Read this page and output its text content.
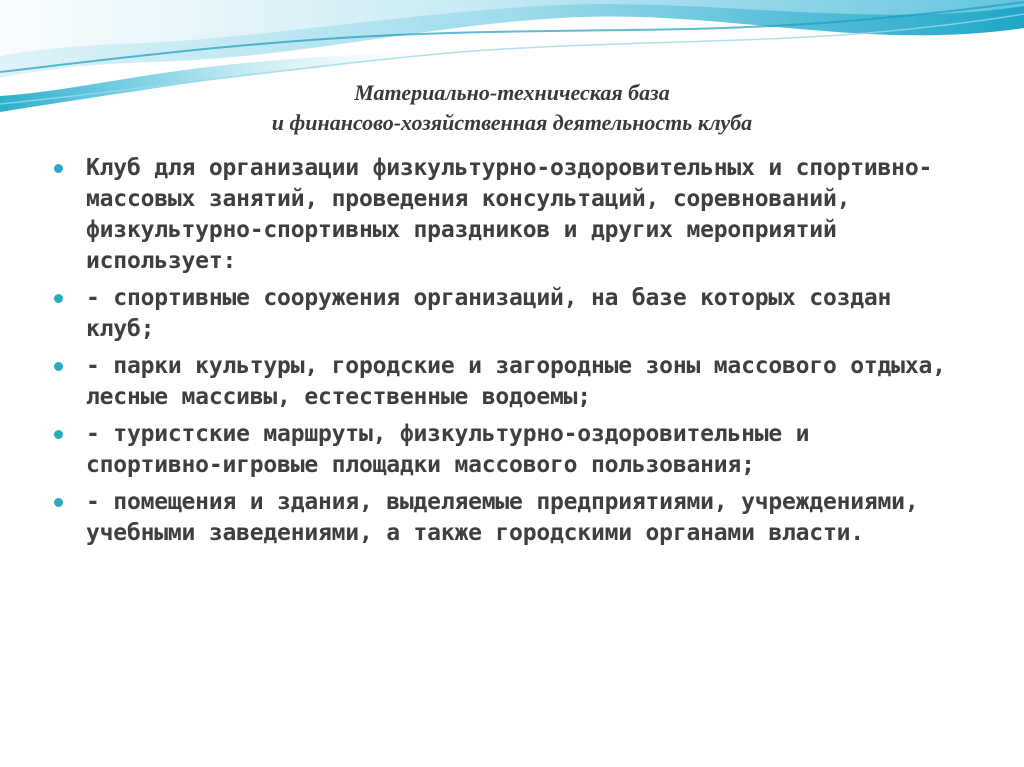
Материально-техническая база
и финансово-хозяйственная деятельность клуба
Клуб для организации физкультурно-оздоровительных и спортивно-массовых занятий, проведения консультаций, соревнований, физкультурно-спортивных праздников и других мероприятий использует:
- спортивные сооружения организаций, на базе которых создан клуб;
- парки культуры, городские и загородные зоны массового отдыха, лесные массивы, естественные водоемы;
- туристские маршруты, физкультурно-оздоровительные и спортивно-игровые площадки массового пользования;
- помещения и здания, выделяемые предприятиями, учреждениями, учебными заведениями, а также городскими органами власти.
